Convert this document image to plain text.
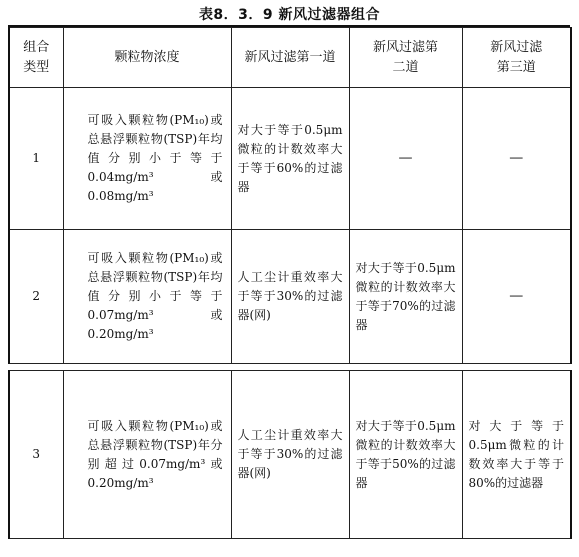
表8．3．9 新风过滤器组合
组合类型	颗粒物浓度	新风过滤第一道	新风过滤第二道	新风过滤第三道
1	可吸入颗粒物(PM₁₀)或总悬浮颗粒物(TSP)年均值分别小于等于0.04mg/m³或0.08mg/m³	对大于等于0.5μm微粒的计数效率大于等于60%的过滤器	—	—
2	可吸入颗粒物(PM₁₀)或总悬浮颗粒物(TSP)年均值分别小于等于0.07mg/m³或0.20mg/m³	人工尘计重效率大于等于30%的过滤器(网)	对大于等于0.5μm微粒的计数效率大于等于70%的过滤器	—

3	可吸入颗粒物(PM₁₀)或总悬浮颗粒物(TSP)年分别超过0.07mg/m³或0.20mg/m³	人工尘计重效率大于等于30%的过滤器(网)	对大于等于0.5μm微粒的计数效率大于等于50%的过滤器	对大于等于0.5μm微粒的计数效率大于等于80%的过滤器
